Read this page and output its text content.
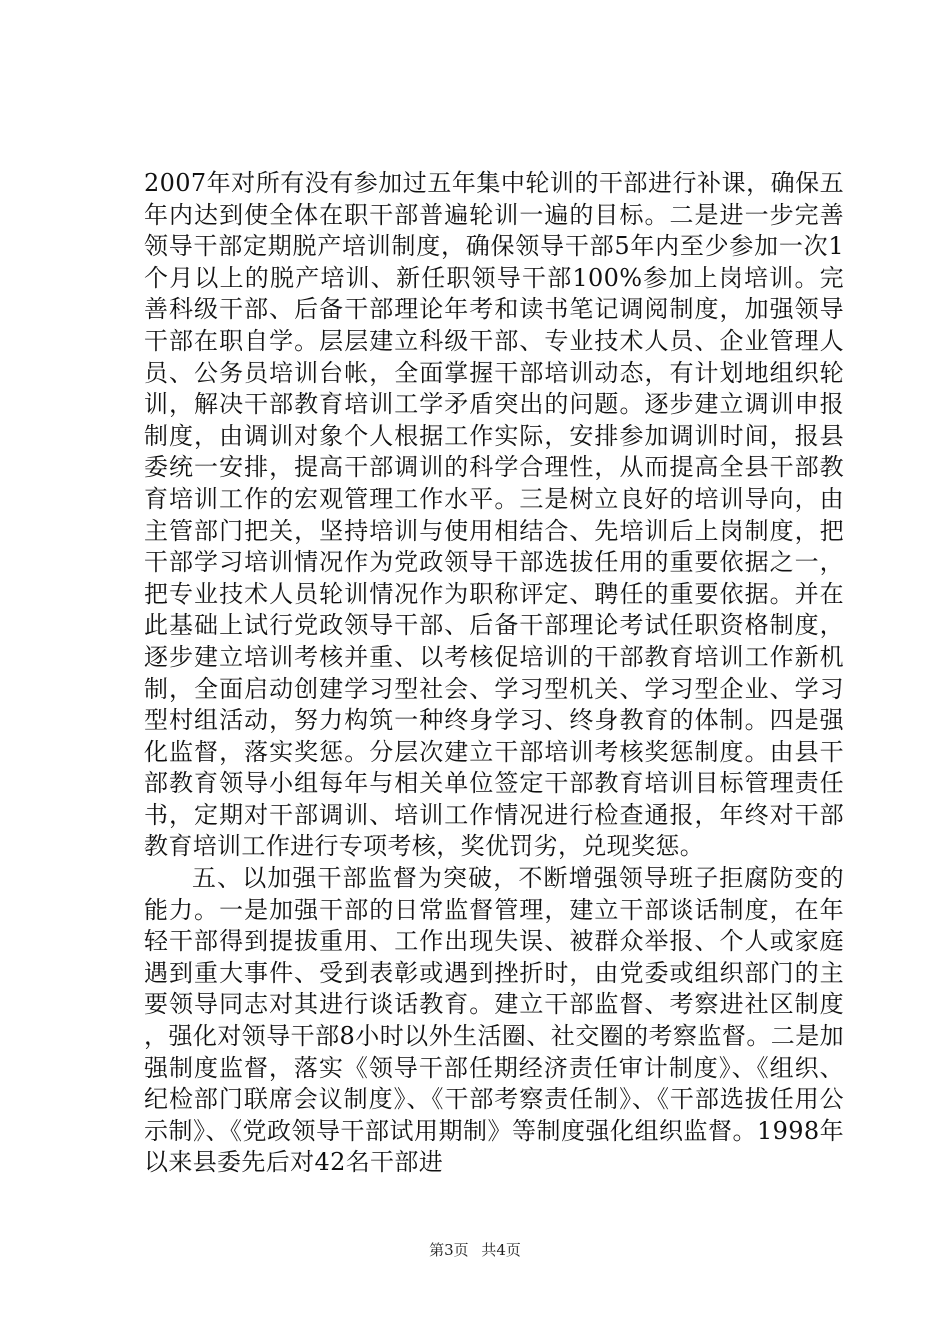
2007年对所有没有参加过五年集中轮训的干部进行补课，确保五年内达到使全体在职干部普遍轮训一遍的目标。二是进一步完善领导干部定期脱产培训制度，确保领导干部5年内至少参加一次1个月以上的脱产培训、新任职领导干部100%参加上岗培训。完善科级干部、后备干部理论年考和读书笔记调阅制度，加强领导干部在职自学。层层建立科级干部、专业技术人员、企业管理人员、公务员培训台帐，全面掌握干部培训动态，有计划地组织轮训，解决干部教育培训工学矛盾突出的问题。逐步建立调训申报制度，由调训对象个人根据工作实际，安排参加调训时间，报县委统一安排，提高干部调训的科学合理性，从而提高全县干部教育培训工作的宏观管理工作水平。三是树立良好的培训导向，由主管部门把关，坚持培训与使用相结合、先培训后上岗制度，把干部学习培训情况作为党政领导干部选拔任用的重要依据之一，把专业技术人员轮训情况作为职称评定、聘任的重要依据。并在此基础上试行党政领导干部、后备干部理论考试任职资格制度，逐步建立培训考核并重、以考核促培训的干部教育培训工作新机制，全面启动创建学习型社会、学习型机关、学习型企业、学习型村组活动，努力构筑一种终身学习、终身教育的体制。四是强化监督，落实奖惩。分层次建立干部培训考核奖惩制度。由县干部教育领导小组每年与相关单位签定干部教育培训目标管理责任书，定期对干部调训、培训工作情况进行检查通报，年终对干部教育培训工作进行专项考核，奖优罚劣，兑现奖惩。

五、以加强干部监督为突破，不断增强领导班子拒腐防变的能力。一是加强干部的日常监督管理，建立干部谈话制度，在年轻干部得到提拔重用、工作出现失误、被群众举报、个人或家庭遇到重大事件、受到表彰或遇到挫折时，由党委或组织部门的主要领导同志对其进行谈话教育。建立干部监督、考察进社区制度，强化对领导干部8小时以外生活圈、社交圈的考察监督。二是加强制度监督，落实《领导干部任期经济责任审计制度》、《组织、纪检部门联席会议制度》、《干部考察责任制》、《干部选拔任用公示制》、《党政领导干部试用期制》等制度强化组织监督。1998年以来县委先后对42名干部进

第3页 共4页
